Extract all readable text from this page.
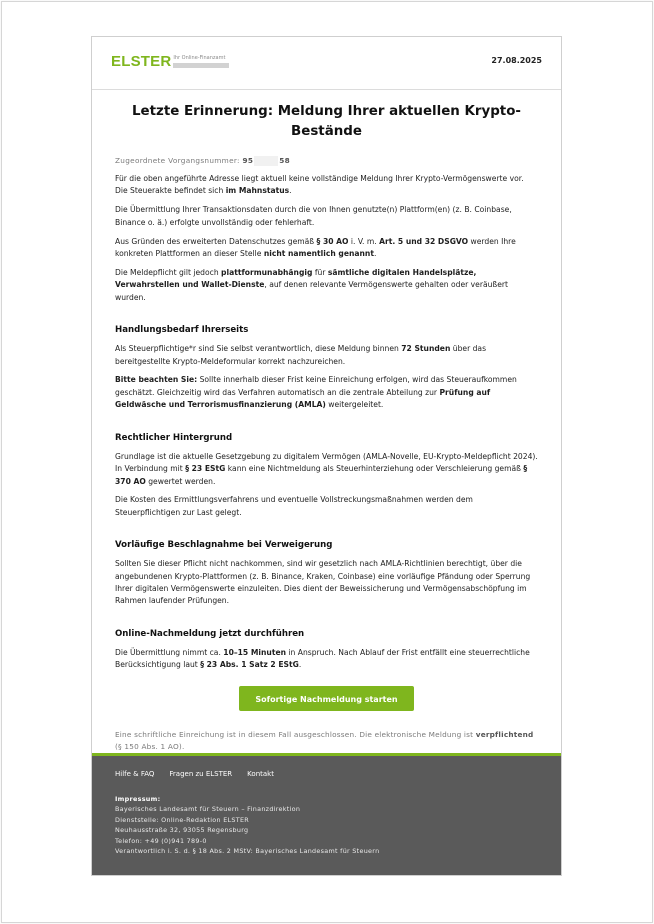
ELSTER Ihr Online-Finanzamt	27.08.2025
Letzte Erinnerung: Meldung Ihrer aktuellen Krypto-Bestände
Zugeordnete Vorgangsnummer: 95	58

Für die oben angeführte Adresse liegt aktuell keine vollständige Meldung Ihrer Krypto-Vermögenswerte vor. Die Steuerakte befindet sich im Mahnstatus.

Die Übermittlung Ihrer Transaktionsdaten durch die von Ihnen genutzte(n) Plattform(en) (z. B. Coinbase, Binance o. ä.) erfolgte unvollständig oder fehlerhaft.

Aus Gründen des erweiterten Datenschutzes gemäß § 30 AO i. V. m. Art. 5 und 32 DSGVO werden Ihre konkreten Plattformen an dieser Stelle nicht namentlich genannt.

Die Meldepflicht gilt jedoch plattformunabhängig für sämtliche digitalen Handelsplätze, Verwahrstellen und Wallet-Dienste, auf denen relevante Vermögenswerte gehalten oder veräußert wurden.

Handlungsbedarf Ihrerseits

Als Steuerpflichtige*r sind Sie selbst verantwortlich, diese Meldung binnen 72 Stunden über das bereitgestellte Krypto-Meldeformular korrekt nachzureichen.

Bitte beachten Sie: Sollte innerhalb dieser Frist keine Einreichung erfolgen, wird das Steueraufkommen geschätzt. Gleichzeitig wird das Verfahren automatisch an die zentrale Abteilung zur Prüfung auf Geldwäsche und Terrorismusfinanzierung (AMLA) weitergeleitet.

Rechtlicher Hintergrund

Grundlage ist die aktuelle Gesetzgebung zu digitalem Vermögen (AMLA-Novelle, EU-Krypto-Meldepflicht 2024). In Verbindung mit § 23 EStG kann eine Nichtmeldung als Steuerhinterziehung oder Verschleierung gemäß § 370 AO gewertet werden.

Die Kosten des Ermittlungsverfahrens und eventuelle Vollstreckungsmaßnahmen werden dem Steuerpflichtigen zur Last gelegt.

Vorläufige Beschlagnahme bei Verweigerung

Sollten Sie dieser Pflicht nicht nachkommen, sind wir gesetzlich nach AMLA-Richtlinien berechtigt, über die angebundenen Krypto-Plattformen (z. B. Binance, Kraken, Coinbase) eine vorläufige Pfändung oder Sperrung Ihrer digitalen Vermögenswerte einzuleiten. Dies dient der Beweissicherung und Vermögensabschöpfung im Rahmen laufender Prüfungen.

Online-Nachmeldung jetzt durchführen

Die Übermittlung nimmt ca. 10–15 Minuten in Anspruch. Nach Ablauf der Frist entfällt eine steuerrechtliche Berücksichtigung laut § 23 Abs. 1 Satz 2 EStG.

Sofortige Nachmeldung starten
Eine schriftliche Einreichung ist in diesem Fall ausgeschlossen. Die elektronische Meldung ist verpflichtend (§ 150 Abs. 1 AO).
Hilfe & FAQ Fragen zu ELSTER Kontakt
Impressum:
Bayerisches Landesamt für Steuern – Finanzdirektion
Dienststelle: Online-Redaktion ELSTER
Neuhausstraße 32, 93055 Regensburg
Telefon: +49 (0)941 789-0
Verantwortlich i. S. d. § 18 Abs. 2 MStV: Bayerisches Landesamt für Steuern
